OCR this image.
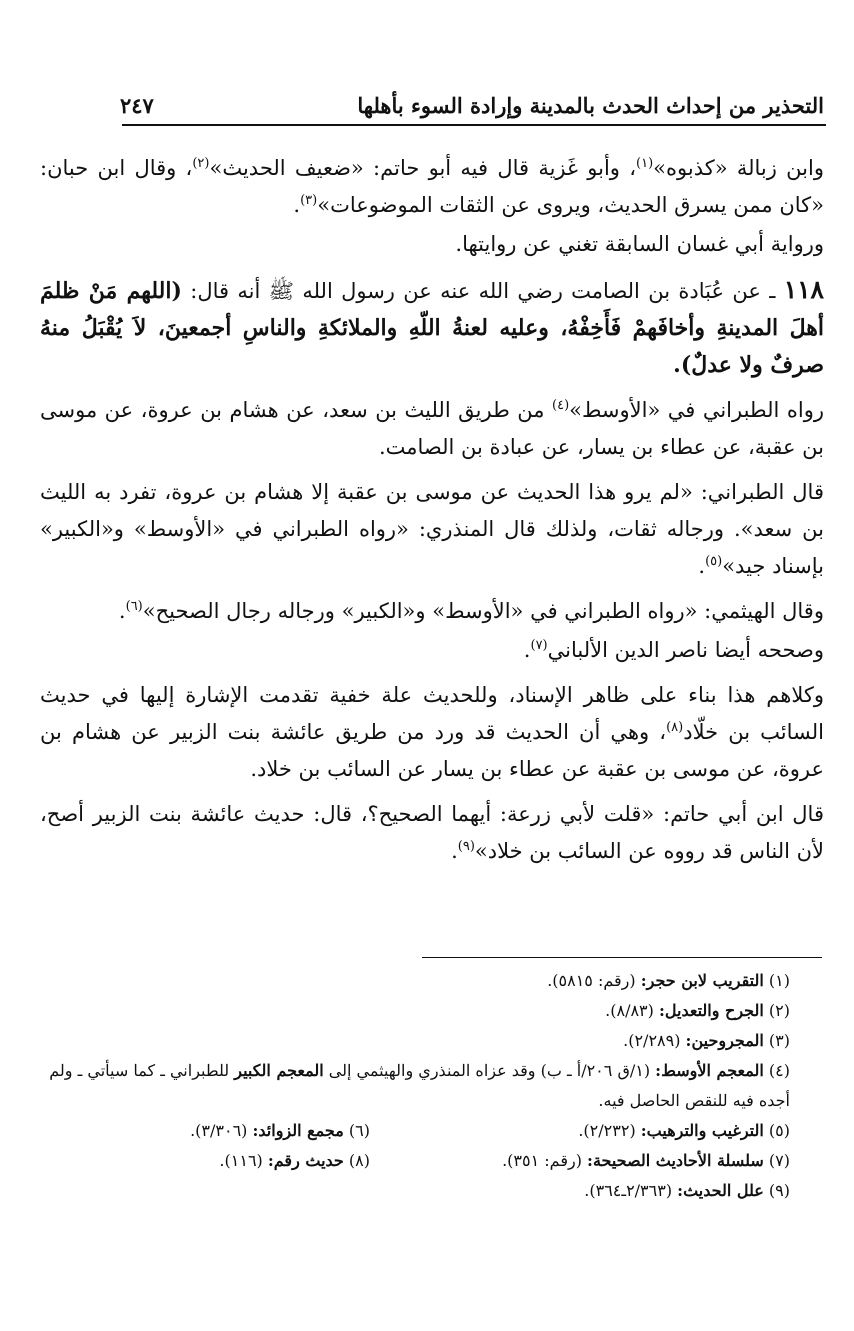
التحذير من إحداث الحدث بالمدينة وإرادة السوء بأهلها
٢٤٧

وابن زبالة «كذبوه»$^{(١)}$، وأبو غَزية قال فيه أبو حاتم: «ضعيف الحديث»$^{(٢)}$، وقال ابن حبان: «كان ممن يسرق الحديث، ويروى عن الثقات الموضوعات»$^{(٣)}$.

ورواية أبي غسان السابقة تغني عن روايتها.

١١٨ ـ عن عُبَادة بن الصامت رضي الله عنه عن رسول الله ﷺ أنه قال: (اللهم مَنْ ظلمَ أهلَ المدينةِ وأخافَهمْ فَأَخِفْهُ، وعليه لعنةُ اللّهِ والملائكةِ والناسِ أجمعينَ، لاَ يُقْبَلُ منهُ صرفٌ ولا عدلٌ).

رواه الطبراني في «الأوسط»$^{(٤)}$ من طريق الليث بن سعد، عن هشام بن عروة، عن موسى بن عقبة، عن عطاء بن يسار، عن عبادة بن الصامت.

قال الطبراني: «لم يرو هذا الحديث عن موسى بن عقبة إلا هشام بن عروة، تفرد به الليث بن سعد». ورجاله ثقات، ولذلك قال المنذري: «رواه الطبراني في «الأوسط» و«الكبير» بإسناد جيد»$^{(٥)}$.

وقال الهيثمي: «رواه الطبراني في «الأوسط» و«الكبير» ورجاله رجال الصحيح»$^{(٦)}$.

وصححه أيضا ناصر الدين الألباني$^{(٧)}$.

وكلاهم هذا بناء على ظاهر الإسناد، وللحديث علة خفية تقدمت الإشارة إليها في حديث السائب بن خلّاد$^{(٨)}$، وهي أن الحديث قد ورد من طريق عائشة بنت الزبير عن هشام بن عروة، عن موسى بن عقبة عن عطاء بن يسار عن السائب بن خلاد.

قال ابن أبي حاتم: «قلت لأبي زرعة: أيهما الصحيح؟، قال: حديث عائشة بنت الزبير أصح، لأن الناس قد رووه عن السائب بن خلاد»$^{(٩)}$.

(١) التقريب لابن حجر: (رقم: ٥٨١٥).

(٢) الجرح والتعديل: (٨/٨٣).

(٣) المجروحين: (٢/٢٨٩).

(٤) المعجم الأوسط: (١/ق ٢٠٦/أ ـ ب) وقد عزاه المنذري والهيثمي إلى المعجم الكبير للطبراني ـ كما سيأتي ـ ولم أجده فيه للنقص الحاصل فيه.

(٥) الترغيب والترهيب: (٢/٢٣٢).
(٦) مجمع الزوائد: (٣/٣٠٦).
(٧) سلسلة الأحاديث الصحيحة: (رقم: ٣٥١).
(٨) حديث رقم: (١١٦).

(٩) علل الحديث: (٢/٣٦٣ـ٣٦٤).
